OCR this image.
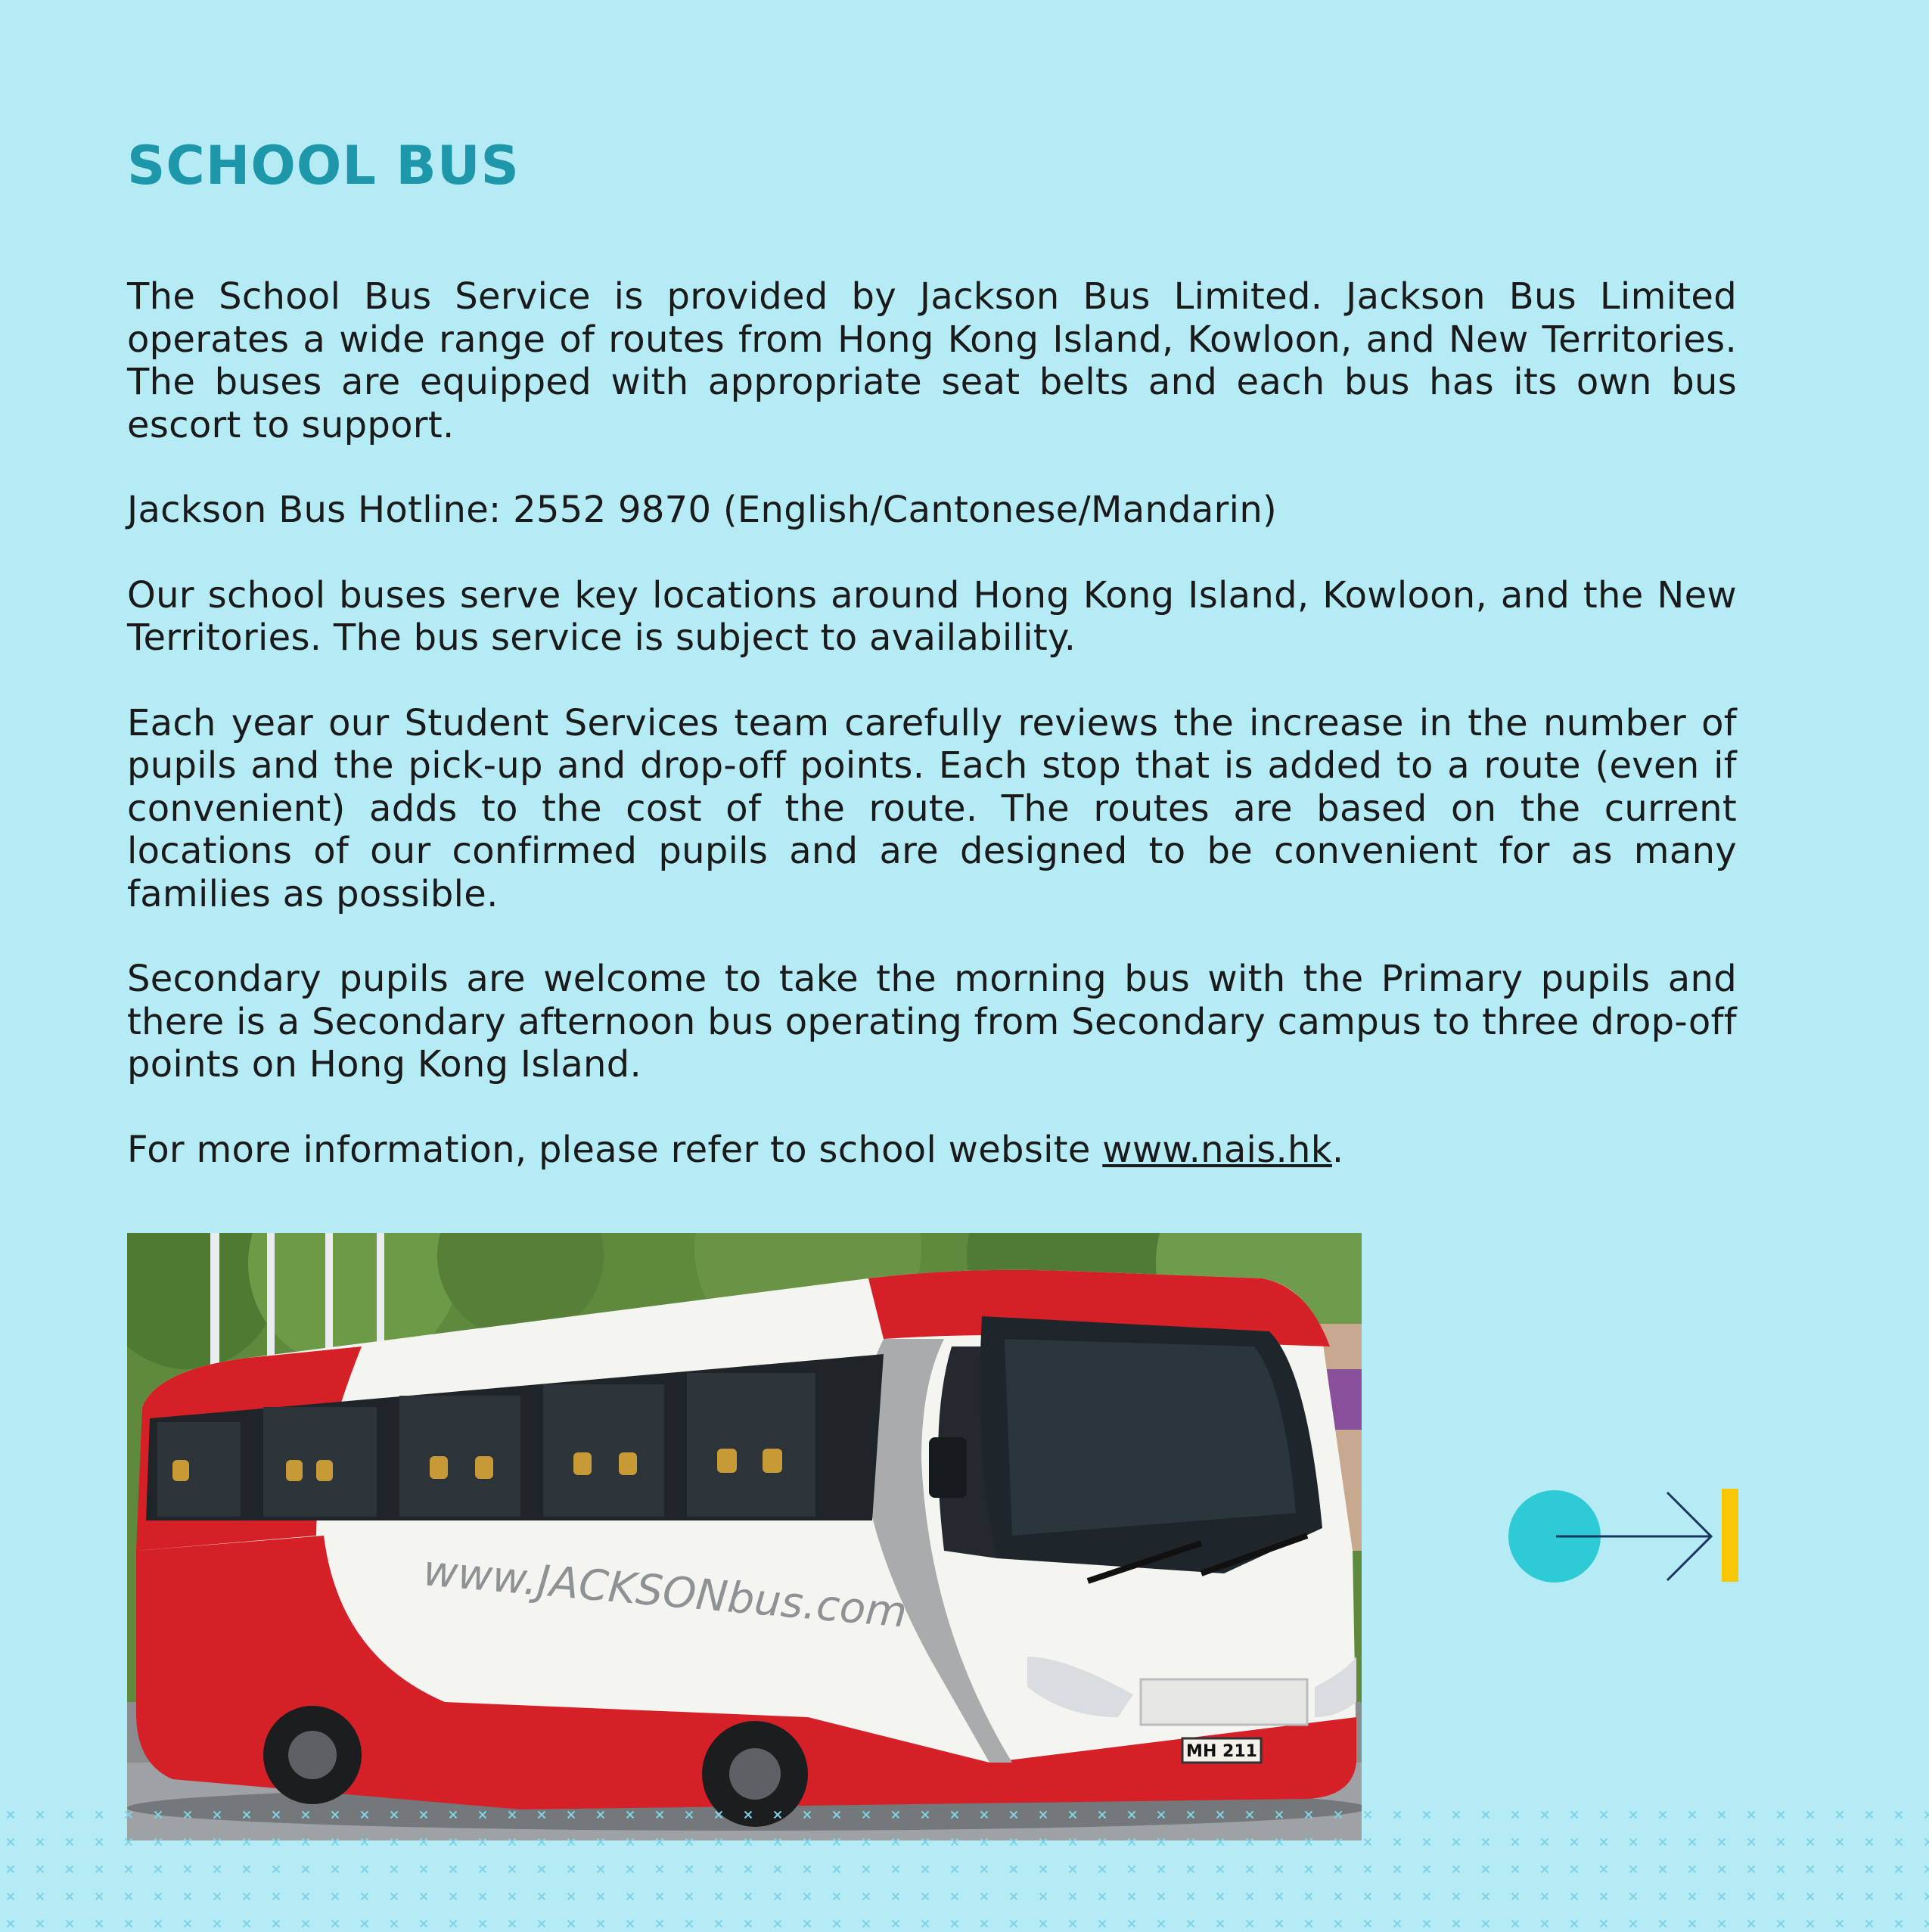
SCHOOL BUS

The School Bus Service is provided by Jackson Bus Limited. Jackson Bus Limited operates a wide range of routes from Hong Kong Island, Kowloon, and New Territories. The buses are equipped with appropriate seat belts and each bus has its own bus escort to support.

Jackson Bus Hotline: 2552 9870 (English/Cantonese/Mandarin)

Our school buses serve key locations around Hong Kong Island, Kowloon, and the New Territories. The bus service is subject to availability.

Each year our Student Services team carefully reviews the increase in the number of pupils and the pick-up and drop-off points. Each stop that is added to a route (even if convenient) adds to the cost of the route. The routes are based on the current locations of our confirmed pupils and are designed to be convenient for as many families as possible.

Secondary pupils are welcome to take the morning bus with the Primary pupils and there is a Secondary afternoon bus operating from Secondary campus to three drop-off points on Hong Kong Island.

For more information, please refer to school website www.nais.hk.

MH 211
www.JACKSONbus.com
